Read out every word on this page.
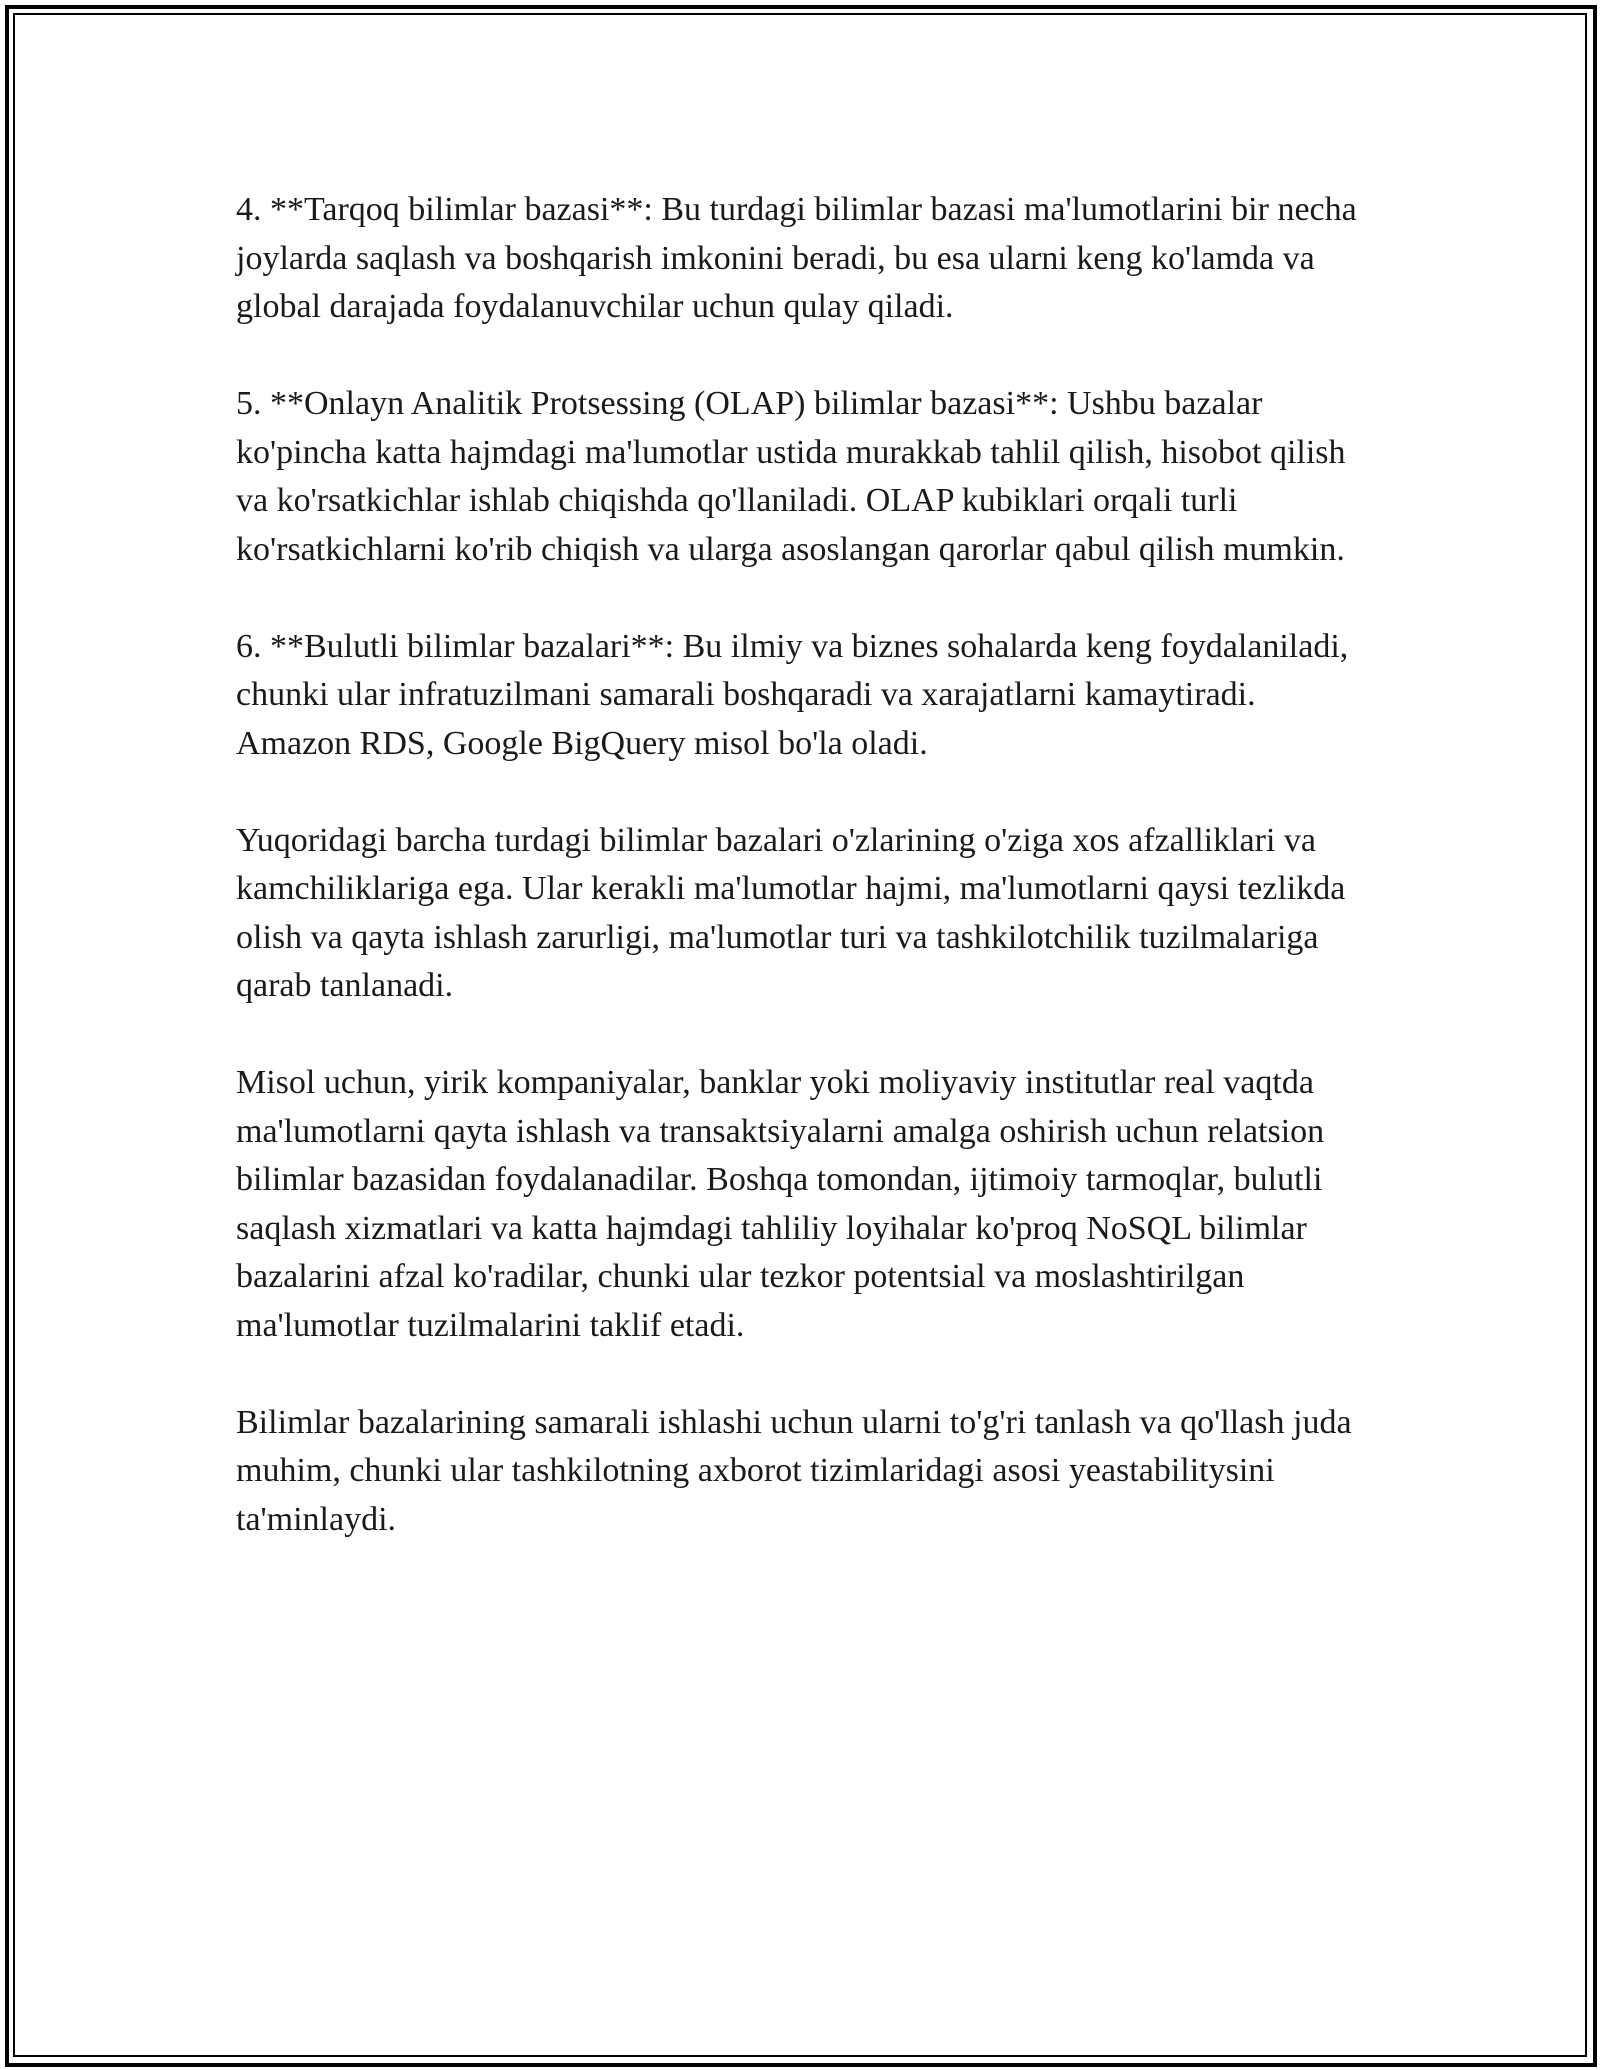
4. **Tarqoq bilimlar bazasi**: Bu turdagi bilimlar bazasi ma'lumotlarini bir necha joylarda saqlash va boshqarish imkonini beradi, bu esa ularni keng ko'lamda va global darajada foydalanuvchilar uchun qulay qiladi.

5. **Onlayn Analitik Protsessing (OLAP) bilimlar bazasi**: Ushbu bazalar ko'pincha katta hajmdagi ma'lumotlar ustida murakkab tahlil qilish, hisobot qilish va ko'rsatkichlar ishlab chiqishda qo'llaniladi. OLAP kubiklari orqali turli ko'rsatkichlarni ko'rib chiqish va ularga asoslangan qarorlar qabul qilish mumkin.

6. **Bulutli bilimlar bazalari**: Bu ilmiy va biznes sohalarda keng foydalaniladi, chunki ular infratuzilmani samarali boshqaradi va xarajatlarni kamaytiradi. Amazon RDS, Google BigQuery misol bo'la oladi.

Yuqoridagi barcha turdagi bilimlar bazalari o'zlarining o'ziga xos afzalliklari va kamchiliklariga ega. Ular kerakli ma'lumotlar hajmi, ma'lumotlarni qaysi tezlikda olish va qayta ishlash zarurligi, ma'lumotlar turi va tashkilotchilik tuzilmalariga qarab tanlanadi.

Misol uchun, yirik kompaniyalar, banklar yoki moliyaviy institutlar real vaqtda ma'lumotlarni qayta ishlash va transaktsiyalarni amalga oshirish uchun relatsion bilimlar bazasidan foydalanadilar. Boshqa tomondan, ijtimoiy tarmoqlar, bulutli saqlash xizmatlari va katta hajmdagi tahliliy loyihalar ko'proq NoSQL bilimlar bazalarini afzal ko'radilar, chunki ular tezkor potentsial va moslashtirilgan ma'lumotlar tuzilmalarini taklif etadi.

Bilimlar bazalarining samarali ishlashi uchun ularni to'g'ri tanlash va qo'llash juda muhim, chunki ular tashkilotning axborot tizimlaridagi asosi yeastabilitysini ta'minlaydi.
